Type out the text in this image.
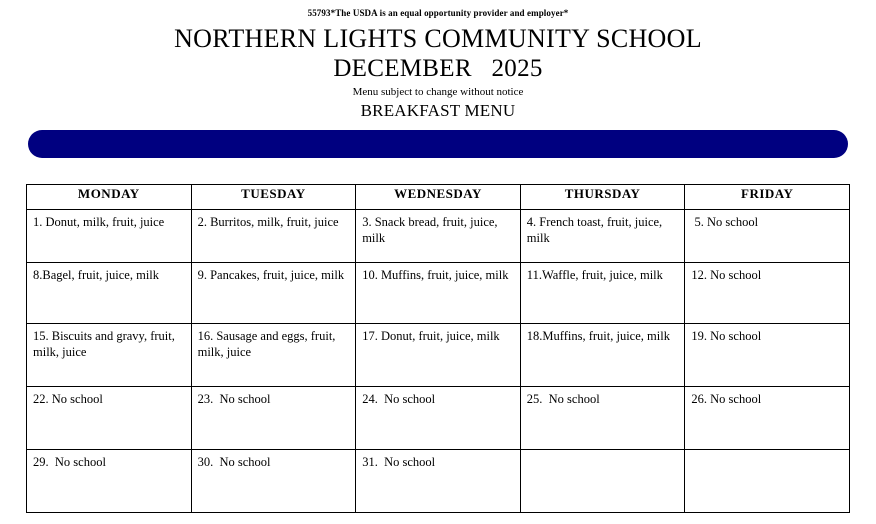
55793*The USDA is an equal opportunity provider and employer*
NORTHERN LIGHTS COMMUNITY SCHOOL
DECEMBER   2025
Menu subject to change without notice
BREAKFAST MENU
MONDAY	TUESDAY	WEDNESDAY	THURSDAY	FRIDAY
1. Donut, milk, fruit, juice	2. Burritos, milk, fruit, juice	3. Snack bread, fruit, juice, milk	4. French toast, fruit, juice, milk	5. No school
8.Bagel, fruit, juice, milk	9. Pancakes, fruit, juice, milk	10. Muffins, fruit, juice, milk	11.Waffle, fruit, juice, milk	12. No school
15. Biscuits and gravy, fruit, milk, juice	16. Sausage and eggs, fruit, milk, juice	17. Donut, fruit, juice, milk	18.Muffins, fruit, juice, milk	19. No school
22. No school	23.  No school	24.  No school	25.  No school	26. No school
29.  No school	30.  No school	31.  No school		
